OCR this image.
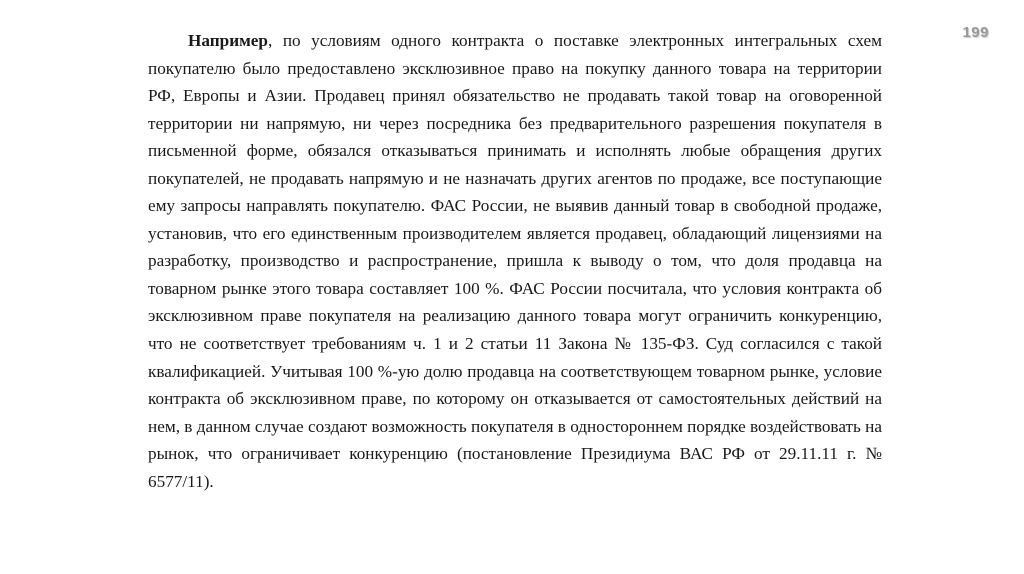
199

Например, по условиям одного контракта о поставке электронных интегральных схем покупателю было предоставлено эксклюзивное право на покупку данного товара на территории РФ, Европы и Азии. Продавец принял обязательство не продавать такой товар на оговоренной территории ни напрямую, ни через посредника без предварительного разрешения покупателя в письменной форме, обязался отказываться принимать и исполнять любые обращения других покупателей, не продавать напрямую и не назначать других агентов по продаже, все поступающие ему запросы направлять покупателю. ФАС России, не выявив данный товар в свободной продаже, установив, что его единственным производителем является продавец, обладающий лицензиями на разработку, производство и распространение, пришла к выводу о том, что доля продавца на товарном рынке этого товара составляет 100 %. ФАС России посчитала, что условия контракта об эксклюзивном праве покупателя на реализацию данного товара могут ограничить конкуренцию, что не соответствует требованиям ч. 1 и 2 статьи 11 Закона № 135-ФЗ. Суд согласился с такой квалификацией. Учитывая 100 %-ую долю продавца на соответствующем товарном рынке, условие контракта об эксклюзивном праве, по которому он отказывается от самостоятельных действий на нем, в данном случае создают возможность покупателя в одностороннем порядке воздействовать на рынок, что ограничивает конкуренцию (постановление Президиума ВАС РФ от 29.11.11 г. № 6577/11).
